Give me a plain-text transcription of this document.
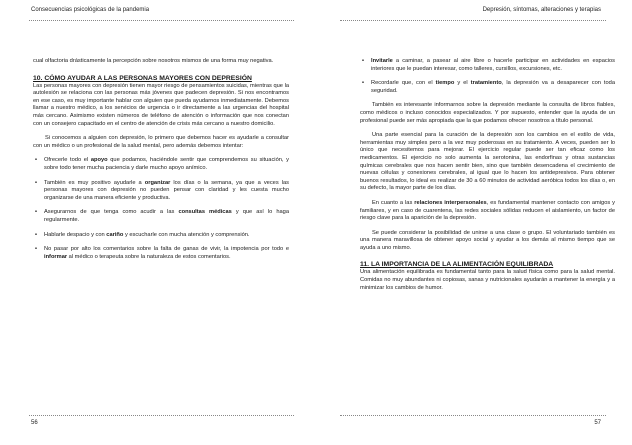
Consecuencias psicológicas de la pandemia

cual olfactoria drásticamente la percepción sobre nosotros mismos de una forma muy negativa.

10. CÓMO AYUDAR A LAS PERSONAS MAYORES CON DEPRESIÓN

Las personas mayores con depresión tienen mayor riesgo de pensamientos suicidas, mientras que la autolesión se relaciona con las personas más jóvenes que padecen depresión. Si nos encontramos en ese caso, es muy importante hablar con alguien que pueda ayudarnos inmediatamente. Debemos llamar a nuestro médico, a los servicios de urgencia o ir directamente a las urgencias del hospital más cercano. Asimismo existen números de teléfono de atención o información que nos conectan con un consejero capacitado en el centro de atención de crisis más cercano a nuestro domicilio.

Si conocemos a alguien con depresión, lo primero que debemos hacer es ayudarle a consultar con un médico o un profesional de la salud mental, pero además debemos intentar:

• Ofrecerle todo el apoyo que podamos, haciéndole sentir que comprendemos su situación, y sobre todo tener mucha paciencia y darle mucho apoyo anímico.
• También es muy positivo ayudarle a organizar los días o la semana, ya que a veces las personas mayores con depresión no pueden pensar con claridad y les cuesta mucho organizarse de una manera eficiente y productiva.
• Asegurarnos de que tenga como acudir a las consultas médicas y que así lo haga regularmente.
• Hablarle despacio y con cariño y escucharle con mucha atención y comprensión.
• No pasar por alto los comentarios sobre la falta de ganas de vivir, la impotencia por todo e informar al médico o terapeuta sobre la naturaleza de estos comentarios.
56
Depresión, síntomas, alteraciones y terapias
• Invitarle a caminar, a pasear al aire libre o hacerle participar en actividades en espacios interiores que le puedan interesar, como talleres, cursillos, excursiones, etc.
• Recordarle que, con el tiempo y el tratamiento, la depresión va a desaparecer con toda seguridad.

También es interesante informarnos sobre la depresión mediante la consulta de libros fiables, como médicos o incluso conocidos especializados. Y por supuesto, entender que la ayuda de un profesional puede ser más apropiada que la que podamos ofrecer nosotros a título personal.

Una parte esencial para la curación de la depresión son los cambios en el estilo de vida, herramientas muy simples pero a la vez muy poderosas en su tratamiento. A veces, pueden ser lo único que necesitemos para mejorar. El ejercicio regular puede ser tan eficaz como los medicamentos. El ejercicio no solo aumenta la serotonina, las endorfinas y otras sustancias químicas cerebrales que nos hacen sentir bien, sino que también desencadena el crecimiento de nuevas células y conexiones cerebrales, al igual que lo hacen los antidepresivos. Para obtener buenos resultados, lo ideal es realizar de 30 a 60 minutos de actividad aeróbica todos los días o, en su defecto, la mayor parte de los días.

En cuanto a las relaciones interpersonales, es fundamental mantener contacto con amigos y familiares, y en caso de cuarentena, las redes sociales sólidas reducen el aislamiento, un factor de riesgo clave para la aparición de la depresión.

Se puede considerar la posibilidad de unirse a una clase o grupo. El voluntariado también es una manera maravillosa de obtener apoyo social y ayudar a los demás al mismo tiempo que se ayuda a uno mismo.

11. LA IMPORTANCIA DE LA ALIMENTACIÓN EQUILIBRADA

Una alimentación equilibrada es fundamental tanto para la salud física como para la salud mental. Comidas no muy abundantes ni copiosas, sanas y nutricionales ayudarán a mantener la energía y a minimizar los cambios de humor.

57
